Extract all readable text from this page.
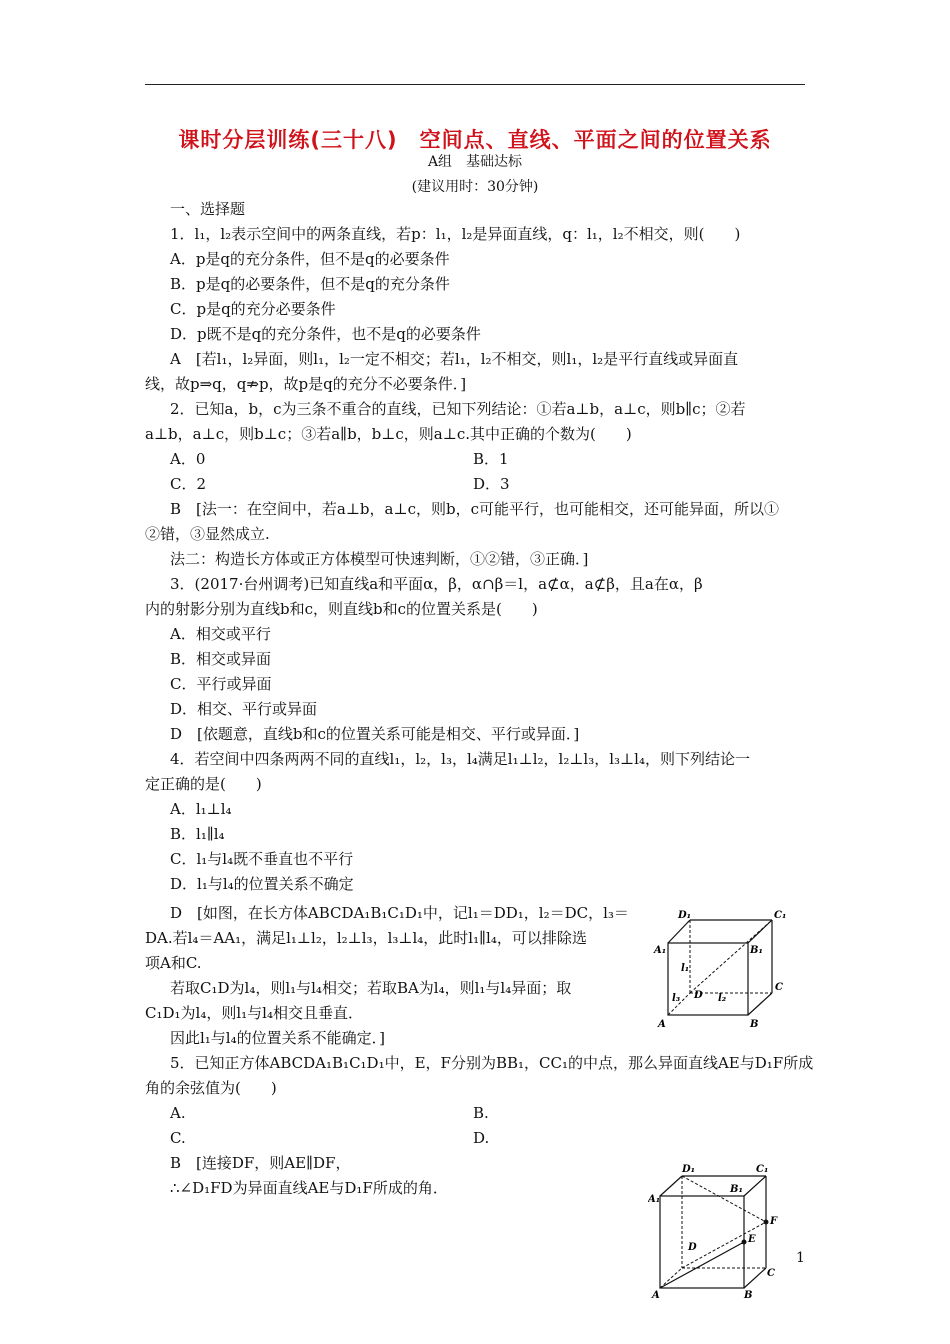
课时分层训练(三十八)　空间点、直线、平面之间的位置关系
A组　基础达标
(建议用时：30分钟)
一、选择题
1．l₁，l₂表示空间中的两条直线，若p：l₁，l₂是异面直线，q：l₁，l₂不相交，则(　　)
A．p是q的充分条件，但不是q的必要条件
B．p是q的必要条件，但不是q的充分条件
C．p是q的充分必要条件
D．p既不是q的充分条件，也不是q的必要条件
A　[若l₁，l₂异面，则l₁，l₂一定不相交；若l₁，l₂不相交，则l₁，l₂是平行直线或异面直
线，故p⇒q，q⇏p，故p是q的充分不必要条件．]
2．已知a，b，c为三条不重合的直线，已知下列结论：①若a⊥b，a⊥c，则b∥c；②若
a⊥b，a⊥c，则b⊥c；③若a∥b，b⊥c，则a⊥c.其中正确的个数为(　　)
A．0	B．1
C．2	D．3
B　[法一：在空间中，若a⊥b，a⊥c，则b，c可能平行，也可能相交，还可能异面，所以①
②错，③显然成立.
法二：构造长方体或正方体模型可快速判断，①②错，③正确．]
3．(2017·台州调考)已知直线a和平面α，β，α∩β＝l，a⊄α，a⊄β，且a在α，β
内的射影分别为直线b和c，则直线b和c的位置关系是(　　)
A．相交或平行
B．相交或异面
C．平行或异面
D．相交、平行或异面
D　[依题意，直线b和c的位置关系可能是相交、平行或异面．]
4．若空间中四条两两不同的直线l₁，l₂，l₃，l₄满足l₁⊥l₂，l₂⊥l₃，l₃⊥l₄，则下列结论一
定正确的是(　　)
A．l₁⊥l₄
B．l₁∥l₄
C．l₁与l₄既不垂直也不平行
D．l₁与l₄的位置关系不确定
D　[如图，在长方体ABCDA₁B₁C₁D₁中，记l₁＝DD₁，l₂＝DC，l₃＝
DA.若l₄＝AA₁，满足l₁⊥l₂，l₂⊥l₃，l₃⊥l₄，此时l₁∥l₄，可以排除选
项A和C.
若取C₁D为l₄，则l₁与l₄相交；若取BA为l₄，则l₁与l₄异面；取
C₁D₁为l₄，则l₁与l₄相交且垂直．
因此l₁与l₄的位置关系不能确定．]
5．已知正方体ABCDA₁B₁C₁D₁中，E，F分别为BB₁，CC₁的中点，那么异面直线AE与D₁F所成
角的余弦值为(　　)
A.	B.
C.	D.
B　[连接DF，则AE∥DF，
∴∠D₁FD为异面直线AE与D₁F所成的角．
D₁	C₁
A₁	B₁
l₁
l₃ D l₂
C
A	B
D₁	C₁
A₁
B₁
F
E
D
C
A	B
1
